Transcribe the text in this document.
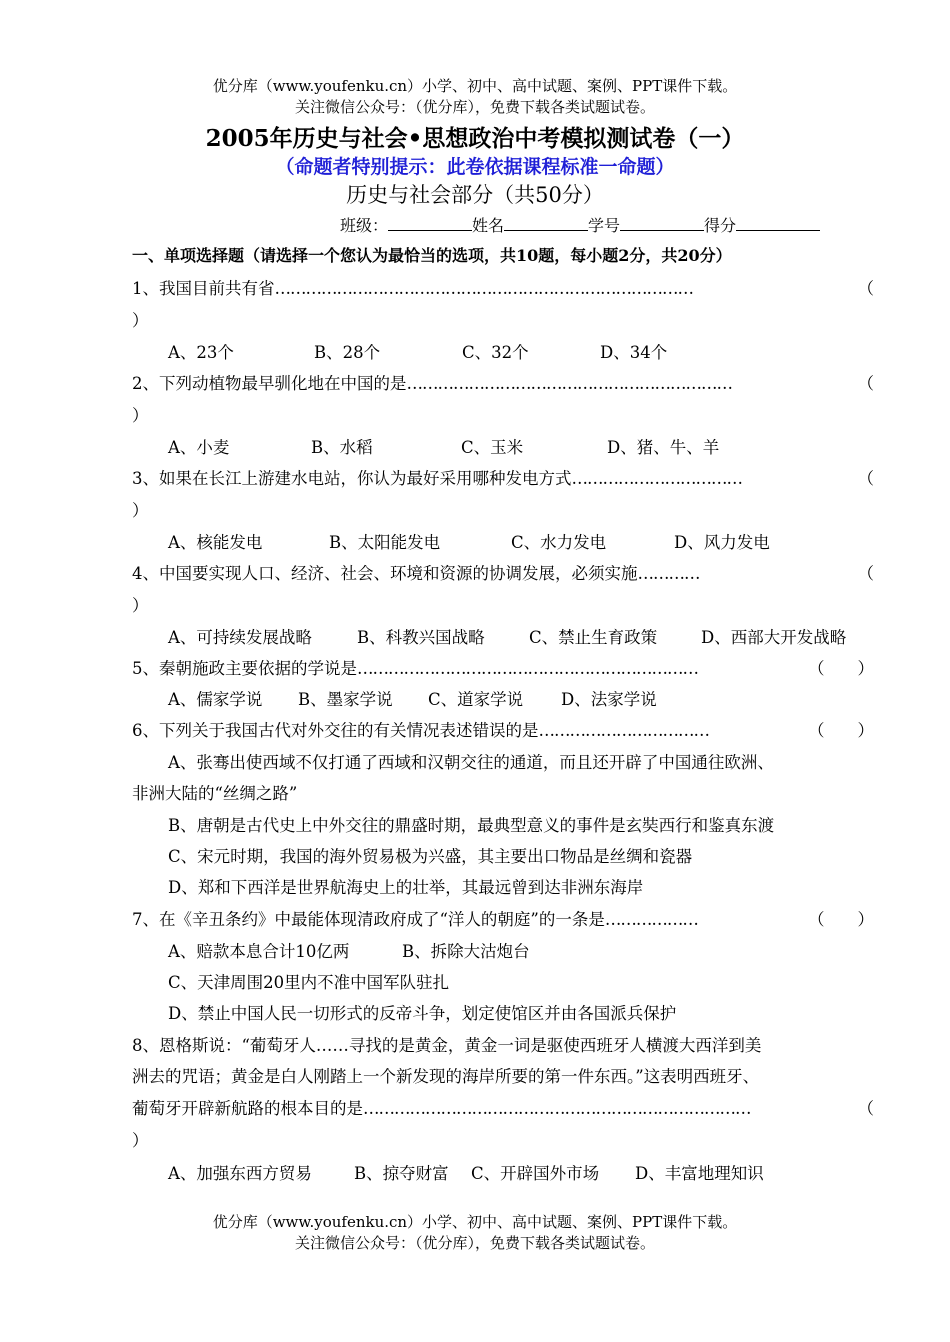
优分库（www.youfenku.cn）小学、初中、高中试题、案例、PPT课件下载。
关注微信公众号：（优分库），免费下载各类试题试卷。
2005年历史与社会•思想政治中考模拟测试卷（一）
（命题者特别提示：此卷依据课程标准一命题）
历史与社会部分（共50分）
班级：	姓名	学号	得分
一、单项选择题（请选择一个您认为最恰当的选项，共10题，每小题2分，共20分）
1、我国目前共有省 ………………………………………………………………………	（
）
A、23个	B、28个	C、32个	D、34个
2、下列动植物最早驯化地在中国的是 ………………………………………………………	（
）
A、小麦	B、水稻	C、玉米	D、猪、牛、羊
3、如果在长江上游建水电站，你认为最好采用哪种发电方式 ……………………………	（
）
A、核能发电	B、太阳能发电	C、水力发电	D、风力发电
4、中国要实现人口、经济、社会、环境和资源的协调发展，必须实施 …………	（
）
A、可持续发展战略	B、科教兴国战略	C、禁止生育政策	D、西部大开发战略
5、秦朝施政主要依据的学说是 …………………………………………………………	（　　）
A、儒家学说 B、墨家学说 C、道家学说 D、法家学说
6、下列关于我国古代对外交往的有关情况表述错误的是 ……………………………	（　　）
A、张骞出使西域不仅打通了西域和汉朝交往的通道，而且还开辟了中国通往欧洲、
非洲大陆的“丝绸之路”
B、唐朝是古代史上中外交往的鼎盛时期，最典型意义的事件是玄奘西行和鉴真东渡
C、宋元时期，我国的海外贸易极为兴盛，其主要出口物品是丝绸和瓷器
D、郑和下西洋是世界航海史上的壮举，其最远曾到达非洲东海岸
7、在《辛丑条约》中最能体现清政府成了“洋人的朝庭”的一条是 ………………	（　　）
A、赔款本息合计10亿两	B、拆除大沽炮台
C、天津周围20里内不准中国军队驻扎
D、禁止中国人民一切形式的反帝斗争，划定使馆区并由各国派兵保护
8、恩格斯说：“葡萄牙人……寻找的是黄金，黄金一词是驱使西班牙人横渡大西洋到美
洲去的咒语；黄金是白人刚踏上一个新发现的海岸所要的第一件东西。”这表明西班牙、
葡萄牙开辟新航路的根本目的是 …………………………………………………………………	（
）
A、加强东西方贸易	B、掠夺财富 C、开辟国外市场 D、丰富地理知识
优分库（www.youfenku.cn）小学、初中、高中试题、案例、PPT课件下载。
关注微信公众号：（优分库），免费下载各类试题试卷。
